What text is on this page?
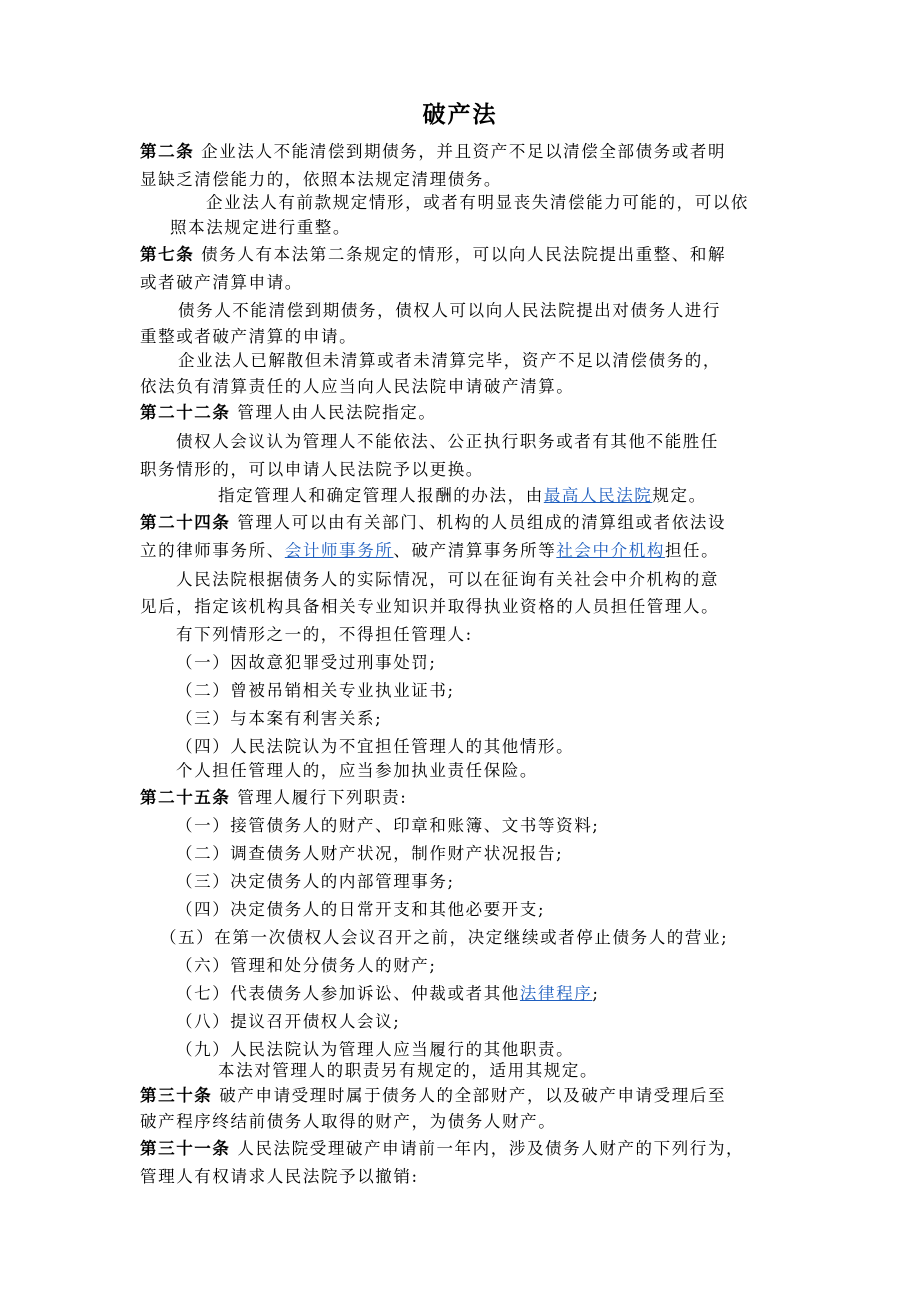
破产法
第二条 企业法人不能清偿到期债务，并且资产不足以清偿全部债务或者明
显缺乏清偿能力的，依照本法规定清理债务。
企业法人有前款规定情形，或者有明显丧失清偿能力可能的，可以依
照本法规定进行重整。
第七条 债务人有本法第二条规定的情形，可以向人民法院提出重整、和解
或者破产清算申请。
债务人不能清偿到期债务，债权人可以向人民法院提出对债务人进行
重整或者破产清算的申请。
企业法人已解散但未清算或者未清算完毕，资产不足以清偿债务的，
依法负有清算责任的人应当向人民法院申请破产清算。
第二十二条 管理人由人民法院指定。
债权人会议认为管理人不能依法、公正执行职务或者有其他不能胜任
职务情形的，可以申请人民法院予以更换。
指定管理人和确定管理人报酬的办法，由最高人民法院规定。
第二十四条 管理人可以由有关部门、机构的人员组成的清算组或者依法设
立的律师事务所、会计师事务所、破产清算事务所等社会中介机构担任。
人民法院根据债务人的实际情况，可以在征询有关社会中介机构的意
见后，指定该机构具备相关专业知识并取得执业资格的人员担任管理人。
有下列情形之一的，不得担任管理人:
（一）因故意犯罪受过刑事处罚;
（二）曾被吊销相关专业执业证书;
（三）与本案有利害关系;
（四）人民法院认为不宜担任管理人的其他情形。
个人担任管理人的，应当参加执业责任保险。
第二十五条 管理人履行下列职责:
（一）接管债务人的财产、印章和账簿、文书等资料;
（二）调查债务人财产状况，制作财产状况报告;
（三）决定债务人的内部管理事务;
（四）决定债务人的日常开支和其他必要开支;
（五）在第一次债权人会议召开之前，决定继续或者停止债务人的营业;
（六）管理和处分债务人的财产;
（七）代表债务人参加诉讼、仲裁或者其他法律程序;
（八）提议召开债权人会议;
（九）人民法院认为管理人应当履行的其他职责。
本法对管理人的职责另有规定的，适用其规定。
第三十条 破产申请受理时属于债务人的全部财产，以及破产申请受理后至
破产程序终结前债务人取得的财产，为债务人财产。
第三十一条 人民法院受理破产申请前一年内，涉及债务人财产的下列行为，
管理人有权请求人民法院予以撤销:
